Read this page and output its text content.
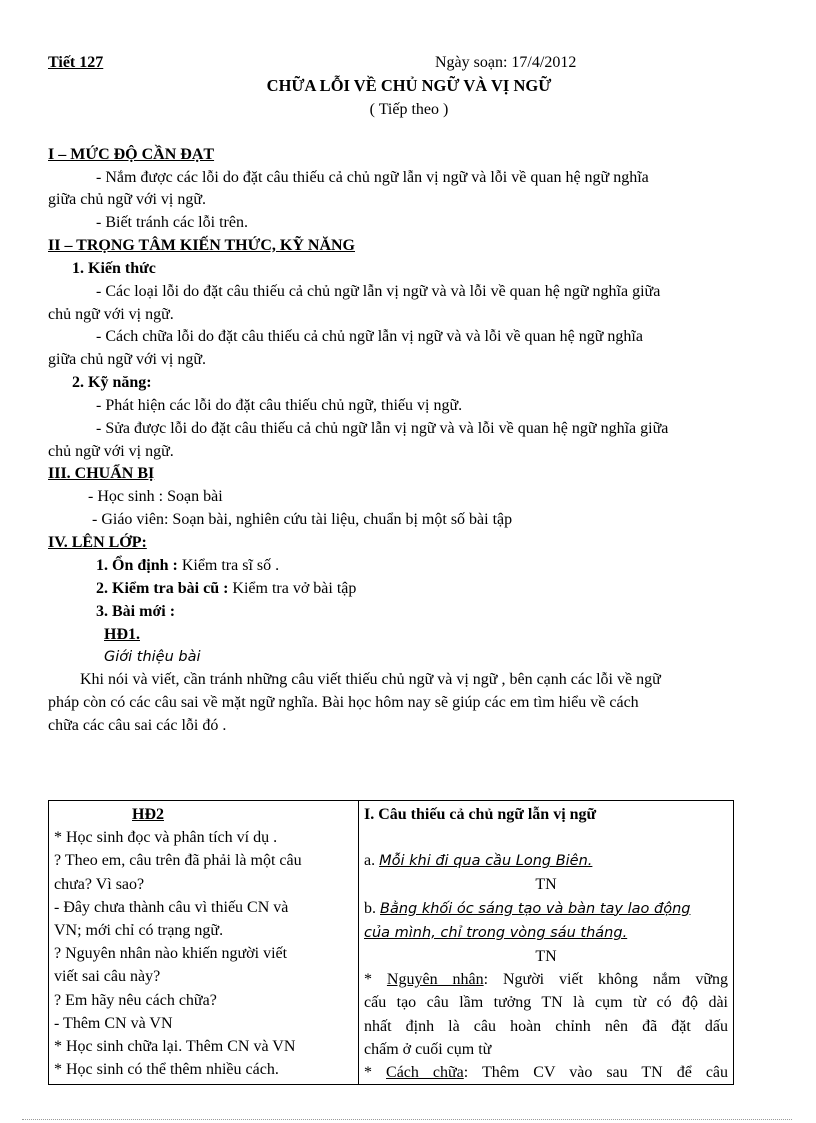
Tiết 127	Ngày soạn: 17/4/2012
CHỮA LỖI VỀ CHỦ NGỮ VÀ VỊ NGỮ
( Tiếp theo )
I – MỨC ĐỘ CẦN ĐẠT
- Nắm được các lỗi do đặt câu thiếu cả chủ ngữ lẫn vị ngữ và lỗi về quan hệ ngữ nghĩa
giữa chủ ngữ với vị ngữ.
- Biết tránh các lỗi trên.
II – TRỌNG TÂM KIẾN THỨC, KỸ NĂNG
1. Kiến thức
- Các loại lỗi do đặt câu thiếu cả chủ ngữ lẫn vị ngữ và và lỗi về quan hệ ngữ nghĩa giữa
chủ ngữ với vị ngữ.
- Cách chữa lỗi do đặt câu thiếu cả chủ ngữ lẫn vị ngữ và và lỗi về quan hệ ngữ nghĩa
giữa chủ ngữ với vị ngữ.
2. Kỹ năng:
- Phát hiện các lỗi do đặt câu thiếu chủ ngữ, thiếu vị ngữ.
- Sửa được lỗi do đặt câu thiếu cả chủ ngữ lẫn vị ngữ và và lỗi về quan hệ ngữ nghĩa giữa
chủ ngữ với vị ngữ.
III. CHUẨN BỊ
- Học sinh : Soạn bài
- Giáo viên: Soạn bài, nghiên cứu tài liệu, chuẩn bị một số bài tập
IV. LÊN LỚP:
1. Ổn định : Kiểm tra sĩ số .
2. Kiểm tra bài cũ : Kiểm tra vở bài tập
3. Bài mới :
HĐ1.
Giới thiệu bài
Khi nói và viết, cần tránh những câu viết thiếu chủ ngữ và vị ngữ , bên cạnh các lỗi về ngữ
pháp còn có các câu sai về mặt ngữ nghĩa. Bài học hôm nay sẽ giúp các em tìm hiểu về cách
chữa các câu sai các lỗi đó .
HĐ2
* Học sinh đọc và phân tích ví dụ .
? Theo em, câu trên đã phải là một câu
chưa? Vì sao?
- Đây chưa thành câu vì thiếu CN và
VN; mới chỉ có trạng ngữ.
? Nguyên nhân nào khiến người viết
viết sai câu này?
? Em hãy nêu cách chữa?
- Thêm CN và VN
* Học sinh chữa lại. Thêm CN và VN
* Học sinh có thể thêm nhiều cách.

I. Câu thiếu cả chủ ngữ lẫn vị ngữ
a. Mỗi khi đi qua cầu Long Biên.
TN
b. Bằng khối óc sáng tạo và bàn tay lao động
của mình, chỉ trong vòng sáu tháng.
TN
* Nguyên nhân: Người viết không nắm vững
cấu tạo câu lầm tưởng TN là cụm từ có độ dài
nhất định là câu hoàn chỉnh nên đã đặt dấu
chấm ở cuối cụm từ
* Cách chữa: Thêm CV vào sau TN để câu
